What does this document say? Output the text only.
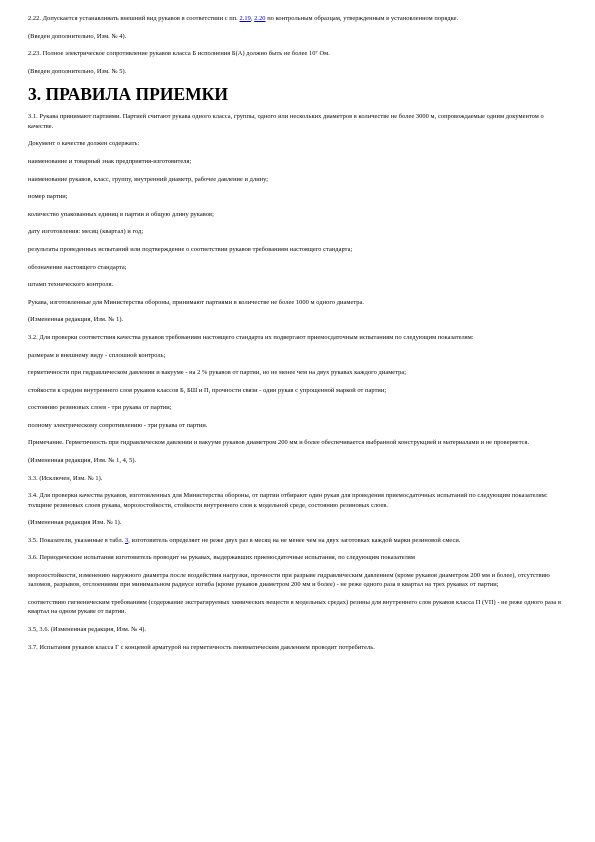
2.22. Допускается устанавливать внешний вид рукавов в соответствии с пп. 2.19, 2.20 по контрольным образцам, утвержденным в установленном порядке.

(Введен дополнительно, Изм. № 4).

2.23. Полное электрическое сопротивление рукавов класса Б исполнения Б(А) должно быть не более 10⁷ Ом.

(Введен дополнительно, Изм. № 5).

3. ПРАВИЛА ПРИЕМКИ

3.1. Рукава принимают партиями. Партией считают рукава одного класса, группы, одного или нескольких диаметров в количестве не более 3000 м, сопровождаемые одним документом о качестве.

Документ о качестве должен содержать:

наименование и товарный знак предприятия-изготовителя;

наименование рукавов, класс, группу, внутренний диаметр, рабочее давление и длину;

номер партии;

количество упакованных единиц в партии и общую длину рукавов;

дату изготовления: месяц (квартал) и год;

результаты проведенных испытаний или подтверждение о соответствии рукавов требованиям настоящего стандарта;

обозначение настоящего стандарта;

штамп технического контроля.

Рукава, изготовленные для Министерства обороны, принимают партиями в количестве не более 1000 м одного диаметра.

(Измененная редакция, Изм. № 1).

3.2. Для проверки соответствия качества рукавов требованиям настоящего стандарта их подвергают приемосдаточным испытаниям по следующим показателям:

размерам и внешнему виду - сплошной контроль;

герметичности при гидравлическом давлении и вакууме - на 2 % рукавов от партии, но не менее чем на двух рукавах каждого диаметра;

стойкости к среднм внутреннего слоя рукавов классов Б, БШ и П, прочности связи - один рукав с упрощенной маркой от партии;

состоянию резиновых слоев - три рукава от партии;

полному электрическому сопротивлению - три рукава от партии.

Примечание. Герметичность при гидравлическом давлении и вакууме рукавов диаметром 200 мм и более обеспечивается выбранной конструкцией и материалами и не проверяется.

(Измененная редакция, Изм. № 1, 4, 5).

3.3. (Исключен, Изм. № 1).

3.4. Для проверки качества рукавов, изготовленных для Министерства обороны, от партии отбирают один рукав для проведения приемосдаточных испытаний по следующим показателям: толщине резиновых слоев рукава, морозостойкости, стойкости внутреннего слоя к модельной среде, состоянию резиновых слоев.

(Измененная редакция Изм. № 1).

3.5. Показатели, указанные в табл. 3, изготовитель определяет не реже двух раз в месяц на не менее чем на двух заготовках каждой марки резиновой смеси.

3.6. Периодические испытания изготовитель проводит на рукавах, выдержавших приемосдаточные испытания, по следующим показателям

морозостойкости, изменению наружного диаметра после воздействия нагрузки, прочности при разрыве гидравлическим давлением (кроме рукавов диаметром 200 мм и более), отсутствию заломов, разрывов, отслоениями при минимальном радиусе изгиба (кроме рукавов диаметром 200 мм и более) - не реже одного раза в квартал на трех рукавах от партии;

соответствию гигиеническим требованиям (содержание экстрагируемых химических веществ в модельных средах) резины для внутреннего слоя рукавов класса П (VП) - не реже одного раза в квартал на одном рукаве от партии.

3.5, 3.6. (Измененная редакция, Изм. № 4).

3.7. Испытания рукавов класса Г с концевой арматурой на герметичность пневматическим давлением проводит потребитель.
